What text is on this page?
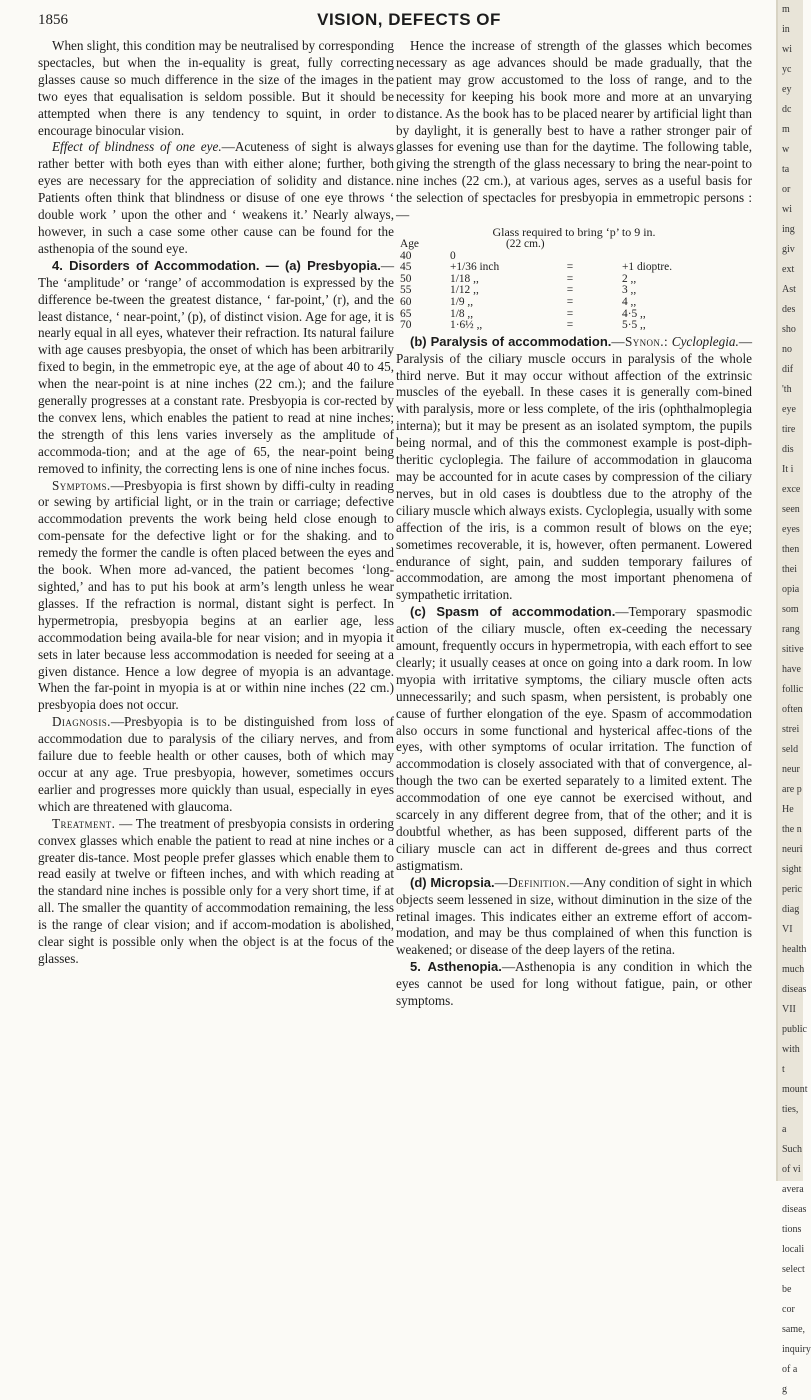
1856	VISION, DEFECTS OF

When slight, this condition may be neutralised by corresponding spectacles, but when the in-equality is great, fully correcting glasses cause so much difference in the size of the images in the two eyes that equalisation is seldom possible. But it should be attempted when there is any tendency to squint, in order to encourage binocular vision.

Effect of blindness of one eye.—Acuteness of sight is always rather better with both eyes than with either alone; further, both eyes are necessary for the appreciation of solidity and distance. Patients often think that blindness or disuse of one eye throws ‘ double work ’ upon the other and ‘ weakens it.’ Nearly always, however, in such a case some other cause can be found for the asthenopia of the sound eye.

4. Disorders of Accommodation. — (a) Presbyopia.—The ‘amplitude’ or ‘range’ of accommodation is expressed by the difference be-tween the greatest distance, ‘ far-point,’ (r), and the least distance, ‘ near-point,’ (p), of distinct vision. Age for age, it is nearly equal in all eyes, whatever their refraction. Its natural failure with age causes presbyopia, the onset of which has been arbitrarily fixed to begin, in the emmetropic eye, at the age of about 40 to 45, when the near-point is at nine inches (22 cm.); and the failure generally progresses at a constant rate. Presbyopia is cor-rected by the convex lens, which enables the patient to read at nine inches; the strength of this lens varies inversely as the amplitude of accommoda-tion; and at the age of 65, the near-point being removed to infinity, the correcting lens is one of nine inches focus.

Symptoms.—Presbyopia is first shown by diffi-culty in reading or sewing by artificial light, or in the train or carriage; defective accommodation prevents the work being held close enough to com-pensate for the defective light or for the shaking. and to remedy the former the candle is often placed between the eyes and the book. When more ad-vanced, the patient becomes ‘long-sighted,’ and has to put his book at arm’s length unless he wear glasses. If the refraction is normal, distant sight is perfect. In hypermetropia, presbyopia begins at an earlier age, less accommodation being availa-ble for near vision; and in myopia it sets in later because less accommodation is needed for seeing at a given distance. Hence a low degree of myopia is an advantage. When the far-point in myopia is at or within nine inches (22 cm.) presbyopia does not occur.

Diagnosis.—Presbyopia is to be distinguished from loss of accommodation due to paralysis of the ciliary nerves, and from failure due to feeble health or other causes, both of which may occur at any age. True presbyopia, however, sometimes occurs earlier and progresses more quickly than usual, especially in eyes which are threatened with glaucoma.

Treatment. — The treatment of presbyopia consists in ordering convex glasses which enable the patient to read at nine inches or a greater dis-tance. Most people prefer glasses which enable them to read easily at twelve or fifteen inches, and with which reading at the standard nine inches is possible only for a very short time, if at all. The smaller the quantity of accommodation remaining, the less is the range of clear vision; and if accom-modation is abolished, clear sight is possible only when the object is at the focus of the glasses.

Hence the increase of strength of the glasses which becomes necessary as age advances should be made gradually, that the patient may grow accustomed to the loss of range, and to the necessity for keeping his book more and more at an unvarying distance. As the book has to be placed nearer by artificial light than by daylight, it is generally best to have a rather stronger pair of glasses for evening use than for the daytime. The following table, giving the strength of the glass necessary to bring the near-point to nine inches (22 cm.), at various ages, serves as a useful basis for the selection of spectacles for presbyopia in emmetropic persons :—

Glass required to bring ‘p’ to 9 in.
Age	(22 cm.)		
40	0		
45	+1/36 inch	=	+1 dioptre.
50	1/18 ,,	=	2 ,,
55	1/12 ,,	=	3 ,,
60	1/9 ,,	=	4 ,,
65	1/8 ,,	=	4·5 ,,
70	1·6½ ,,	=	5·5 ,,

(b) Paralysis of accommodation.—Synon.: Cycloplegia.—Paralysis of the ciliary muscle occurs in paralysis of the whole third nerve. But it may occur without affection of the extrinsic muscles of the eyeball. In these cases it is generally com-bined with paralysis, more or less complete, of the iris (ophthalmoplegia interna); but it may be present as an isolated symptom, the pupils being normal, and of this the commonest example is post-diph-theritic cycloplegia. The failure of accommodation in glaucoma may be accounted for in acute cases by compression of the ciliary nerves, but in old cases is doubtless due to the atrophy of the ciliary muscle which always exists. Cycloplegia, usually with some affection of the iris, is a common result of blows on the eye; sometimes recoverable, it is, however, often permanent. Lowered endurance of sight, pain, and sudden temporary failures of accommodation, are among the most important phenomena of sympathetic irritation.

(c) Spasm of accommodation.—Temporary spasmodic action of the ciliary muscle, often ex-ceeding the necessary amount, frequently occurs in hypermetropia, with each effort to see clearly; it usually ceases at once on going into a dark room. In low myopia with irritative symptoms, the ciliary muscle often acts unnecessarily; and such spasm, when persistent, is probably one cause of further elongation of the eye. Spasm of accommodation also occurs in some functional and hysterical affec-tions of the eyes, with other symptoms of ocular irritation. The function of accommodation is closely associated with that of convergence, al-though the two can be exerted separately to a limited extent. The accommodation of one eye cannot be exercised without, and scarcely in any different degree from, that of the other; and it is doubtful whether, as has been supposed, different parts of the ciliary muscle can act in different de-grees and thus correct astigmatism.

(d) Micropsia.—Definition.—Any condition of sight in which objects seem lessened in size, without diminution in the size of the retinal images. This indicates either an extreme effort of accom-modation, and may be thus complained of when this function is weakened; or disease of the deep layers of the retina.

5. Asthenopia.—Asthenopia is any condition in which the eyes cannot be used for long without fatigue, pain, or other symptoms.

m
in
wi
yc
ey
dc
m
w
ta
or
wi
ing
giv
ext
Ast
des
sho
no
dif
'th
eye
tire
dis
It i
exce
seen
eyes
then
thei
opia
som
rang
sitive
have
follic
often
strei
seld
neur
are p
He
the n
neuri
sight
peric
diag
VI
health
much
diseas
VII
public
with t
mount
ties, a
Such
of vi
avera
diseas
tions
locali
select
be cor
same,
inquiry
of a g
